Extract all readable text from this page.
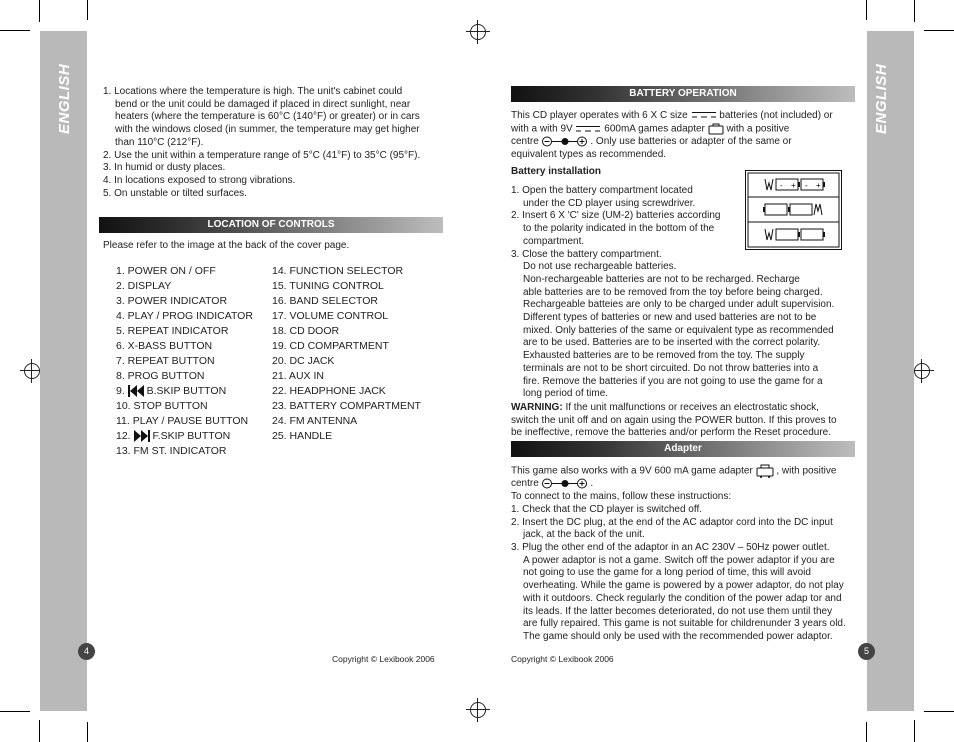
ENGLISH	ENGLISH
4	5
1. Locations where the temperature is high. The unit's cabinet could
bend or the unit could be damaged if placed in direct sunlight, near
heaters (where the temperature is 60°C (140°F) or greater) or in cars
with the windows closed (in summer, the temperature may get higher
than 110°C (212°F).
2. Use the unit within a temperature range of 5°C (41°F) to 35°C (95°F).
3. In humid or dusty places.
4. In locations exposed to strong vibrations.
5. On unstable or tilted surfaces.
LOCATION OF CONTROLS
Please refer to the image at the back of the cover page.
1. POWER ON / OFF
2. DISPLAY
3. POWER INDICATOR
4. PLAY / PROG INDICATOR
5. REPEAT INDICATOR
6. X-BASS BUTTON
7. REPEAT BUTTON
8. PROG BUTTON
9. B.SKIP BUTTON
10. STOP BUTTON
11. PLAY / PAUSE BUTTON
12. F.SKIP BUTTON
13. FM ST. INDICATOR
14. FUNCTION SELECTOR
15. TUNING CONTROL
16. BAND SELECTOR
17. VOLUME CONTROL
18. CD DOOR
19. CD COMPARTMENT
20. DC JACK
21. AUX IN
22. HEADPHONE JACK
23. BATTERY COMPARTMENT
24. FM ANTENNA
25. HANDLE
Copyright © Lexibook 2006
BATTERY OPERATION
This CD player operates with 6 X C size	batteries (not included) or
with a with 9V	600mA games adapter with a positive
centre	. Only use batteries or adapter of the same or
equivalent types as recommended.
Battery installation
1. Open the battery compartment located
under the CD player using screwdriver.
2. Insert 6 X 'C' size (UM-2) batteries according
to the polarity indicated in the bottom of the
compartment.
3. Close the battery compartment.
Do not use rechargeable batteries.
Non-rechargeable batteries are not to be recharged. Recharge
able batteries are to be removed from the toy before being charged.
Rechargeable batteies are only to be charged under adult supervision.
Different types of batteries or new and used batteries are not to be
mixed. Only batteries of the same or equivalent type as recommended
are to be used. Batteries are to be inserted with the correct polarity.
Exhausted batteries are to be removed from the toy. The supply
terminals are not to be short circuited. Do not throw batteries into a
fire. Remove the batteries if you are not going to use the game for a
long period of time.
- + - +
WARNING: If the unit malfunctions or receives an electrostatic shock,
switch the unit off and on again using the POWER button. If this proves to
be ineffective, remove the batteries and/or perform the Reset procedure.
Adapter
This game also works with a 9V 600 mA game adapter , with positive
centre	.
To connect to the mains, follow these instructions:
1. Check that the CD player is switched off.
2. Insert the DC plug, at the end of the AC adaptor cord into the DC input
jack, at the back of the unit.
3. Plug the other end of the adaptor in an AC 230V – 50Hz power outlet.
A power adaptor is not a game. Switch off the power adaptor if you are
not going to use the game for a long period of time, this will avoid
overheating. While the game is powered by a power adaptor, do not play
with it outdoors. Check regularly the condition of the power adap tor and
its leads. If the latter becomes deteriorated, do not use them until they
are fully repaired. This game is not suitable for childrenunder 3 years old.
The game should only be used with the recommended power adaptor.
Copyright © Lexibook 2006
